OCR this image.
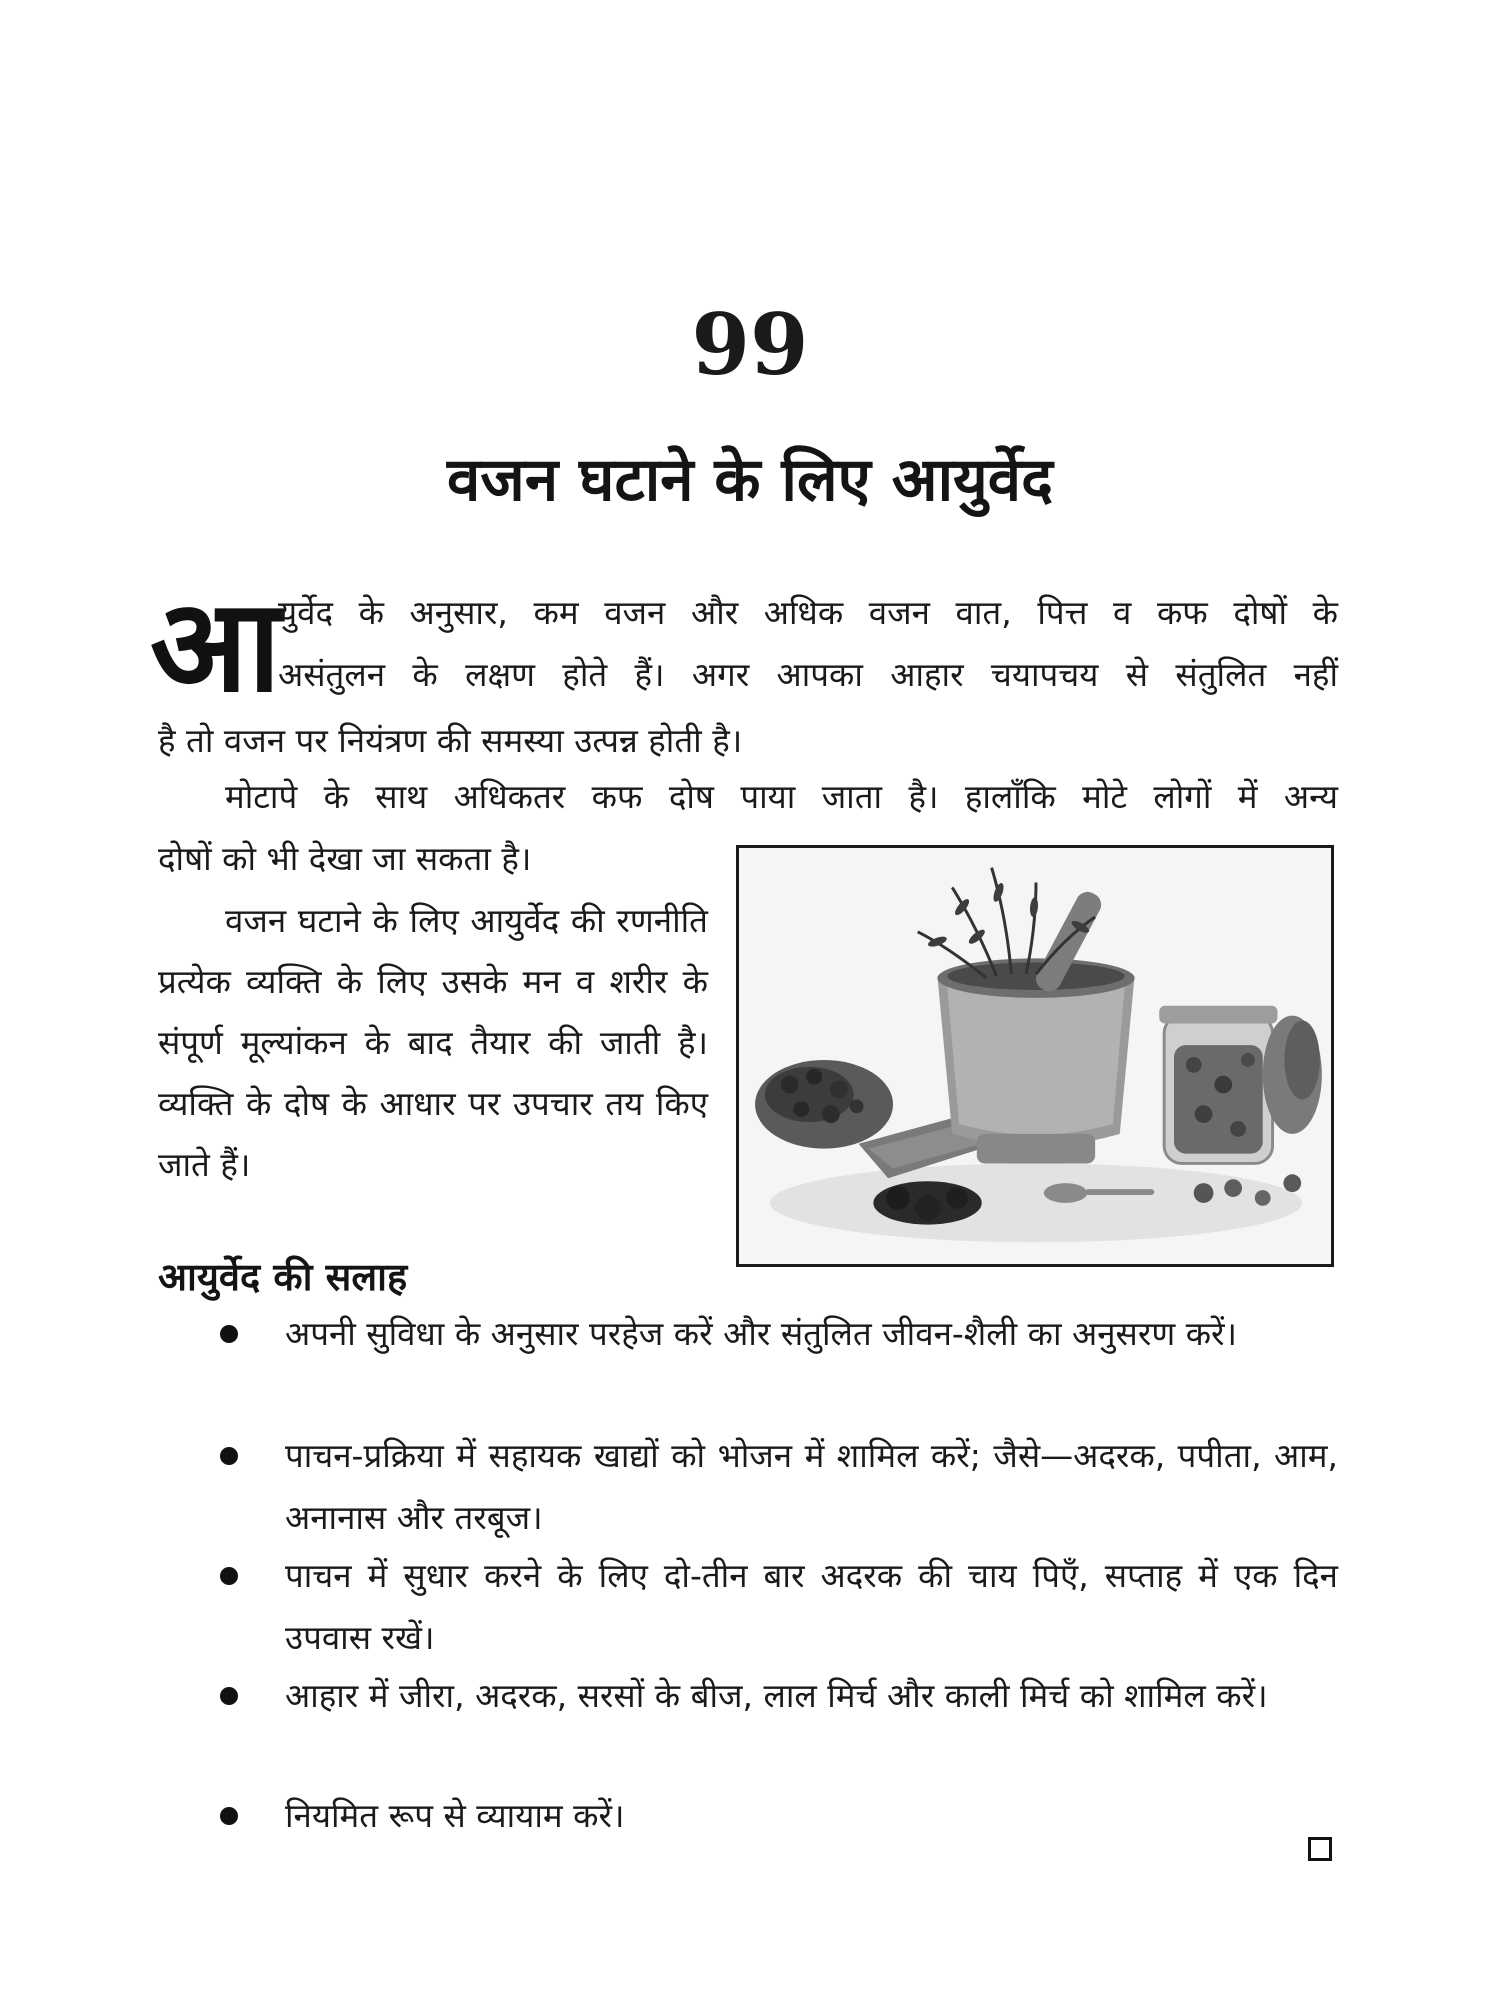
99
वजन घटाने के लिए आयुर्वेद
आ
युर्वेद के अनुसार, कम वजन और अधिक वजन वात, पित्त व कफ दोषों के
असंतुलन के लक्षण होते हैं। अगर आपका आहार चयापचय से संतुलित नहीं
है तो वजन पर नियंत्रण की समस्या उत्पन्न होती है।
मोटापे के साथ अधिकतर कफ दोष पाया जाता है। हालाँकि मोटे लोगों में अन्य
दोषों को भी देखा जा सकता है।
वजन घटाने के लिए आयुर्वेद की रणनीति प्रत्येक व्यक्ति के लिए उसके मन व शरीर के संपूर्ण मूल्यांकन के बाद तैयार की जाती है। व्यक्ति के दोष के आधार पर उपचार तय किए जाते हैं।
आयुर्वेद की सलाह
अपनी सुविधा के अनुसार परहेज करें और संतुलित जीवन-शैली का अनुसरण करें।
पाचन-प्रक्रिया में सहायक खाद्यों को भोजन में शामिल करें; जैसे—अदरक, पपीता, आम, अनानास और तरबूज।
पाचन में सुधार करने के लिए दो-तीन बार अदरक की चाय पिएँ, सप्ताह में एक दिन उपवास रखें।
आहार में जीरा, अदरक, सरसों के बीज, लाल मिर्च और काली मिर्च को शामिल करें।
नियमित रूप से व्यायाम करें।
